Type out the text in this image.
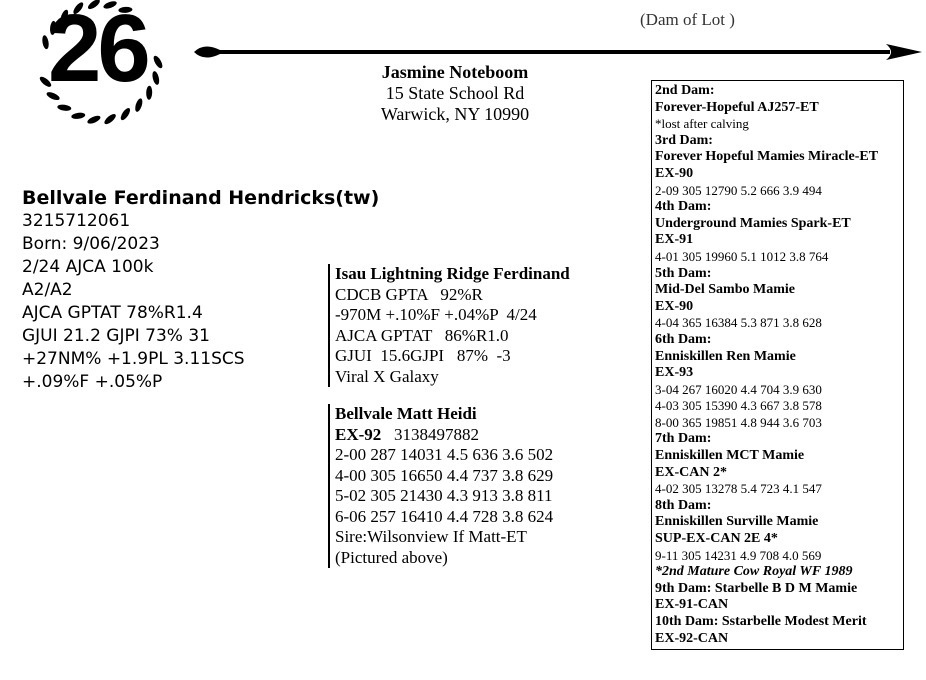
26	(Dam of Lot )
Jasmine Noteboom
15 State School Rd
Warwick, NY 10990
Bellvale Ferdinand Hendricks(tw)
3215712061
Born: 9/06/2023
2/24 AJCA 100k
A2/A2
AJCA GPTAT 78%R1.4
GJUI 21.2 GJPI 73% 31
+27NM% +1.9PL 3.11SCS
+.09%F +.05%P
Isau Lightning Ridge Ferdinand
CDCB GPTA   92%R
-970M +.10%F +.04%P  4/24
AJCA GPTAT   86%R1.0
GJUI  15.6GJPI   87%  -3
Viral X Galaxy
Bellvale Matt Heidi
EX-92 3138497882
2-00 287 14031 4.5 636 3.6 502
4-00 305 16650 4.4 737 3.8 629
5-02 305 21430 4.3 913 3.8 811
6-06 257 16410 4.4 728 3.8 624
Sire:Wilsonview If Matt-ET
(Pictured above)
2nd Dam:
Forever-Hopeful AJ257-ET
*lost after calving
3rd Dam:
Forever Hopeful Mamies Miracle-ET
EX-90
2-09 305 12790 5.2 666 3.9 494
4th Dam:
Underground Mamies Spark-ET
EX-91
4-01 305 19960 5.1 1012 3.8 764
5th Dam:
Mid-Del Sambo Mamie
EX-90
4-04 365 16384 5.3 871 3.8 628
6th Dam:
Enniskillen Ren Mamie
EX-93
3-04 267 16020 4.4 704 3.9 630
4-03 305 15390 4.3 667 3.8 578
8-00 365 19851 4.8 944 3.6 703
7th Dam:
Enniskillen MCT Mamie
EX-CAN 2*
4-02 305 13278 5.4 723 4.1 547
8th Dam:
Enniskillen Surville Mamie
SUP-EX-CAN 2E 4*
9-11 305 14231 4.9 708 4.0 569
*2nd Mature Cow Royal WF 1989
9th Dam: Starbelle B D M Mamie
EX-91-CAN
10th Dam: Sstarbelle Modest Merit
EX-92-CAN
